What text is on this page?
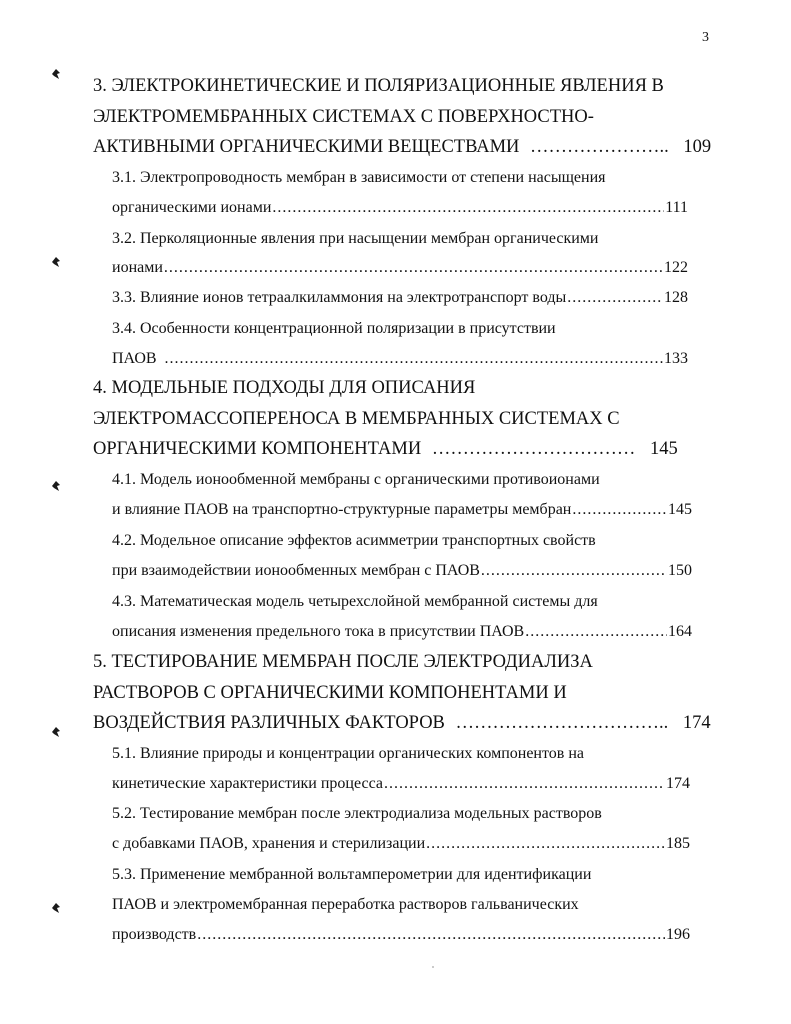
3
3. ЭЛЕКТРОКИНЕТИЧЕСКИЕ И ПОЛЯРИЗАЦИОННЫЕ ЯВЛЕНИЯ В
ЭЛЕКТРОМЕМБРАННЫХ СИСТЕМАХ С ПОВЕРХНОСТНО-
АКТИВНЫМИ ОРГАНИЧЕСКИМИ ВЕЩЕСТВАМИ ………………….. 109
3.1. Электропроводность мембран в зависимости от степени насыщения
органическими ионами .....	111
3.2. Перколяционные явления при насыщении мембран органическими
ионами .....	122
3.3. Влияние ионов тетраалкиламмония на электротранспорт воды .....	128
3.4. Особенности концентрационной поляризации в присутствии
ПАОВ .....	133
4. МОДЕЛЬНЫЕ ПОДХОДЫ ДЛЯ ОПИСАНИЯ
ЭЛЕКТРОМАССОПЕРЕНОСА В МЕМБРАННЫХ СИСТЕМАХ С
ОРГАНИЧЕСКИМИ КОМПОНЕНТАМИ …………………………… 145
4.1. Модель ионообменной мембраны с органическими противоионами
и влияние ПАОВ на транспортно-структурные параметры мембран .....	145
4.2. Модельное описание эффектов асимметрии транспортных свойств
при взаимодействии ионообменных мембран с ПАОВ .....	150
4.3. Математическая модель четырехслойной мембранной системы для
описания изменения предельного тока в присутствии ПАОВ .....	164
5. ТЕСТИРОВАНИЕ МЕМБРАН ПОСЛЕ ЭЛЕКТРОДИАЛИЗА
РАСТВОРОВ С ОРГАНИЧЕСКИМИ КОМПОНЕНТАМИ И
ВОЗДЕЙСТВИЯ РАЗЛИЧНЫХ ФАКТОРОВ …………………………….. 174
5.1. Влияние природы и концентрации органических компонентов на
кинетические характеристики процесса .....	174
5.2. Тестирование мембран после электродиализа модельных растворов
с добавками ПАОВ, хранения и стерилизации .....	185
5.3. Применение мембранной вольтамперометрии для идентификации
ПАОВ и электромембранная переработка растворов гальванических
производств .....	196
